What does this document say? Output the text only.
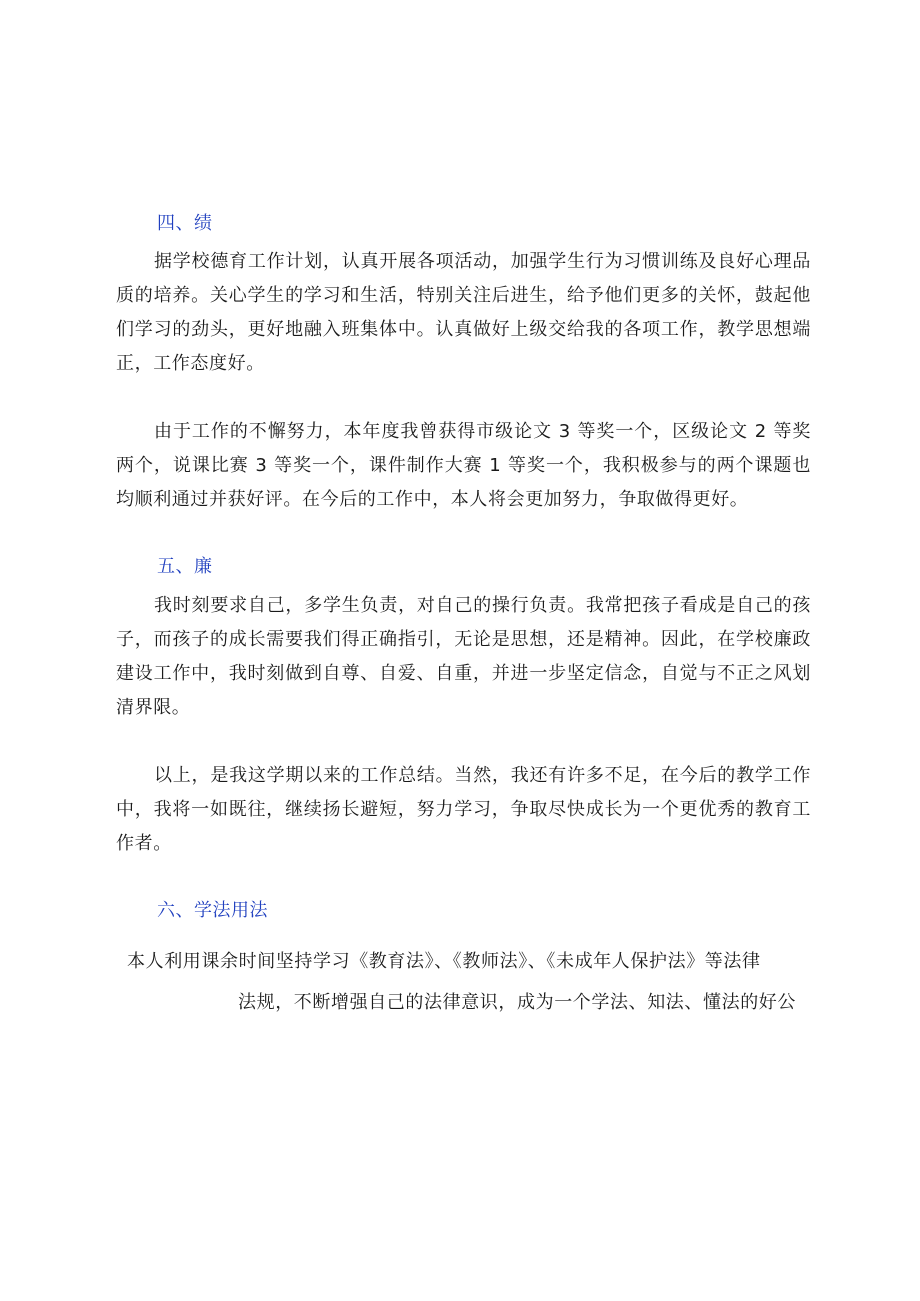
四、绩

据学校德育工作计划，认真开展各项活动，加强学生行为习惯训练及良好心理品质的培养。关心学生的学习和生活，特别关注后进生，给予他们更多的关怀，鼓起他们学习的劲头，更好地融入班集体中。认真做好上级交给我的各项工作，教学思想端正，工作态度好。

由于工作的不懈努力，本年度我曾获得市级论文 3 等奖一个，区级论文 2 等奖两个，说课比赛 3 等奖一个，课件制作大赛 1 等奖一个，我积极参与的两个课题也均顺利通过并获好评。在今后的工作中，本人将会更加努力，争取做得更好。

五、廉

我时刻要求自己，多学生负责，对自己的操行负责。我常把孩子看成是自己的孩子，而孩子的成长需要我们得正确指引，无论是思想，还是精神。因此，在学校廉政建设工作中，我时刻做到自尊、自爱、自重，并进一步坚定信念，自觉与不正之风划清界限。

以上，是我这学期以来的工作总结。当然，我还有许多不足，在今后的教学工作中，我将一如既往，继续扬长避短，努力学习，争取尽快成长为一个更优秀的教育工作者。

六、学法用法
本人利用课余时间坚持学习《教育法》、《教师法》、《未成年人保护法》等法律
法规，不断增强自己的法律意识，成为一个学法、知法、懂法的好公
